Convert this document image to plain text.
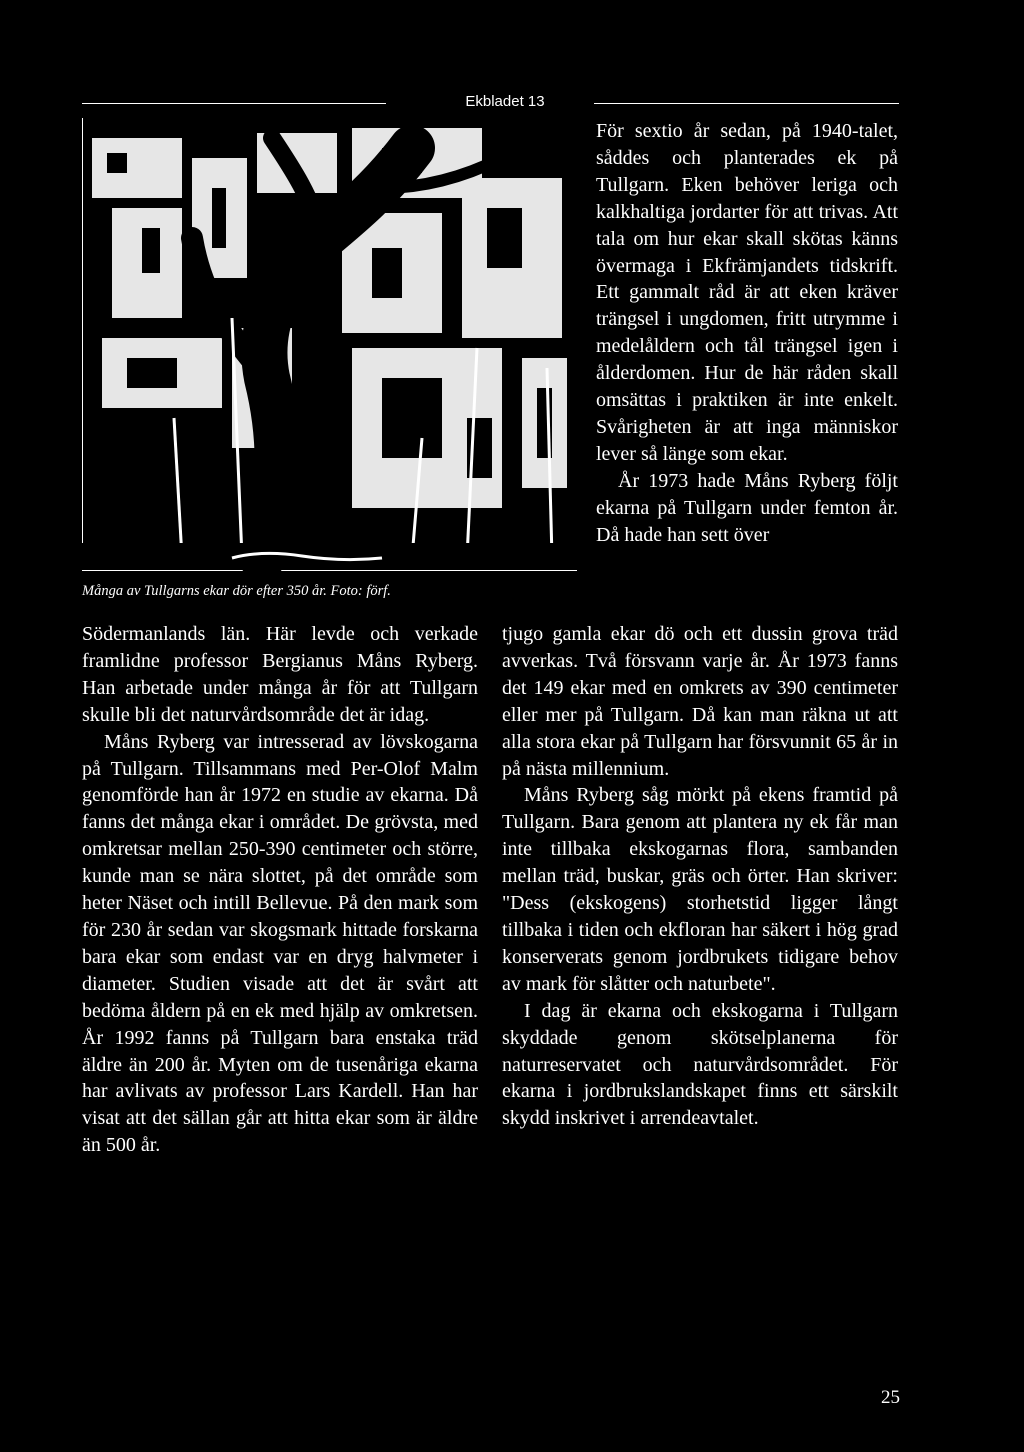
Ekbladet 13
Många av Tullgarns ekar dör efter 350 år. Foto: förf.

För sextio år sedan, på 1940-talet, såddes och planterades ek på Tullgarn. Eken behöver leriga och kalkhaltiga jordarter för att trivas. Att tala om hur ekar skall skötas känns övermaga i Ekfrämjandets tidskrift. Ett gammalt råd är att eken kräver trängsel i ungdomen, fritt utrymme i medelåldern och tål trängsel igen i ålderdomen. Hur de här råden skall omsättas i praktiken är inte enkelt. Svårigheten är att inga människor lever så länge som ekar.

År 1973 hade Måns Ryberg följt ekarna på Tullgarn under femton år. Då hade han sett över

Södermanlands län. Här levde och verkade framlidne professor Bergianus Måns Ryberg. Han arbetade under många år för att Tullgarn skulle bli det naturvårdsområde det är idag.

Måns Ryberg var intresserad av lövskogarna på Tullgarn. Tillsammans med Per-Olof Malm genomförde han år 1972 en studie av ekarna. Då fanns det många ekar i området. De grövsta, med omkretsar mellan 250-390 centimeter och större, kunde man se nära slottet, på det område som heter Näset och intill Bellevue. På den mark som för 230 år sedan var skogsmark hittade forskarna bara ekar som endast var en dryg halvmeter i diameter. Studien visade att det är svårt att bedöma åldern på en ek med hjälp av omkretsen. År 1992 fanns på Tullgarn bara enstaka träd äldre än 200 år. Myten om de tusenåriga ekarna har avlivats av professor Lars Kardell. Han har visat att det sällan går att hitta ekar som är äldre än 500 år.

tjugo gamla ekar dö och ett dussin grova träd avverkas. Två försvann varje år. År 1973 fanns det 149 ekar med en omkrets av 390 centimeter eller mer på Tullgarn. Då kan man räkna ut att alla stora ekar på Tullgarn har försvunnit 65 år in på nästa millennium.

Måns Ryberg såg mörkt på ekens framtid på Tullgarn. Bara genom att plantera ny ek får man inte tillbaka ekskogarnas flora, sambanden mellan träd, buskar, gräs och örter. Han skriver: "Dess (ekskogens) storhetstid ligger långt tillbaka i tiden och ekfloran har säkert i hög grad konserverats genom jordbrukets tidigare behov av mark för slåtter och naturbete".

I dag är ekarna och ekskogarna i Tullgarn skyddade genom skötselplanerna för naturreservatet och naturvårdsområdet. För ekarna i jordbrukslandskapet finns ett särskilt skydd inskrivet i arrendeavtalet.

25
